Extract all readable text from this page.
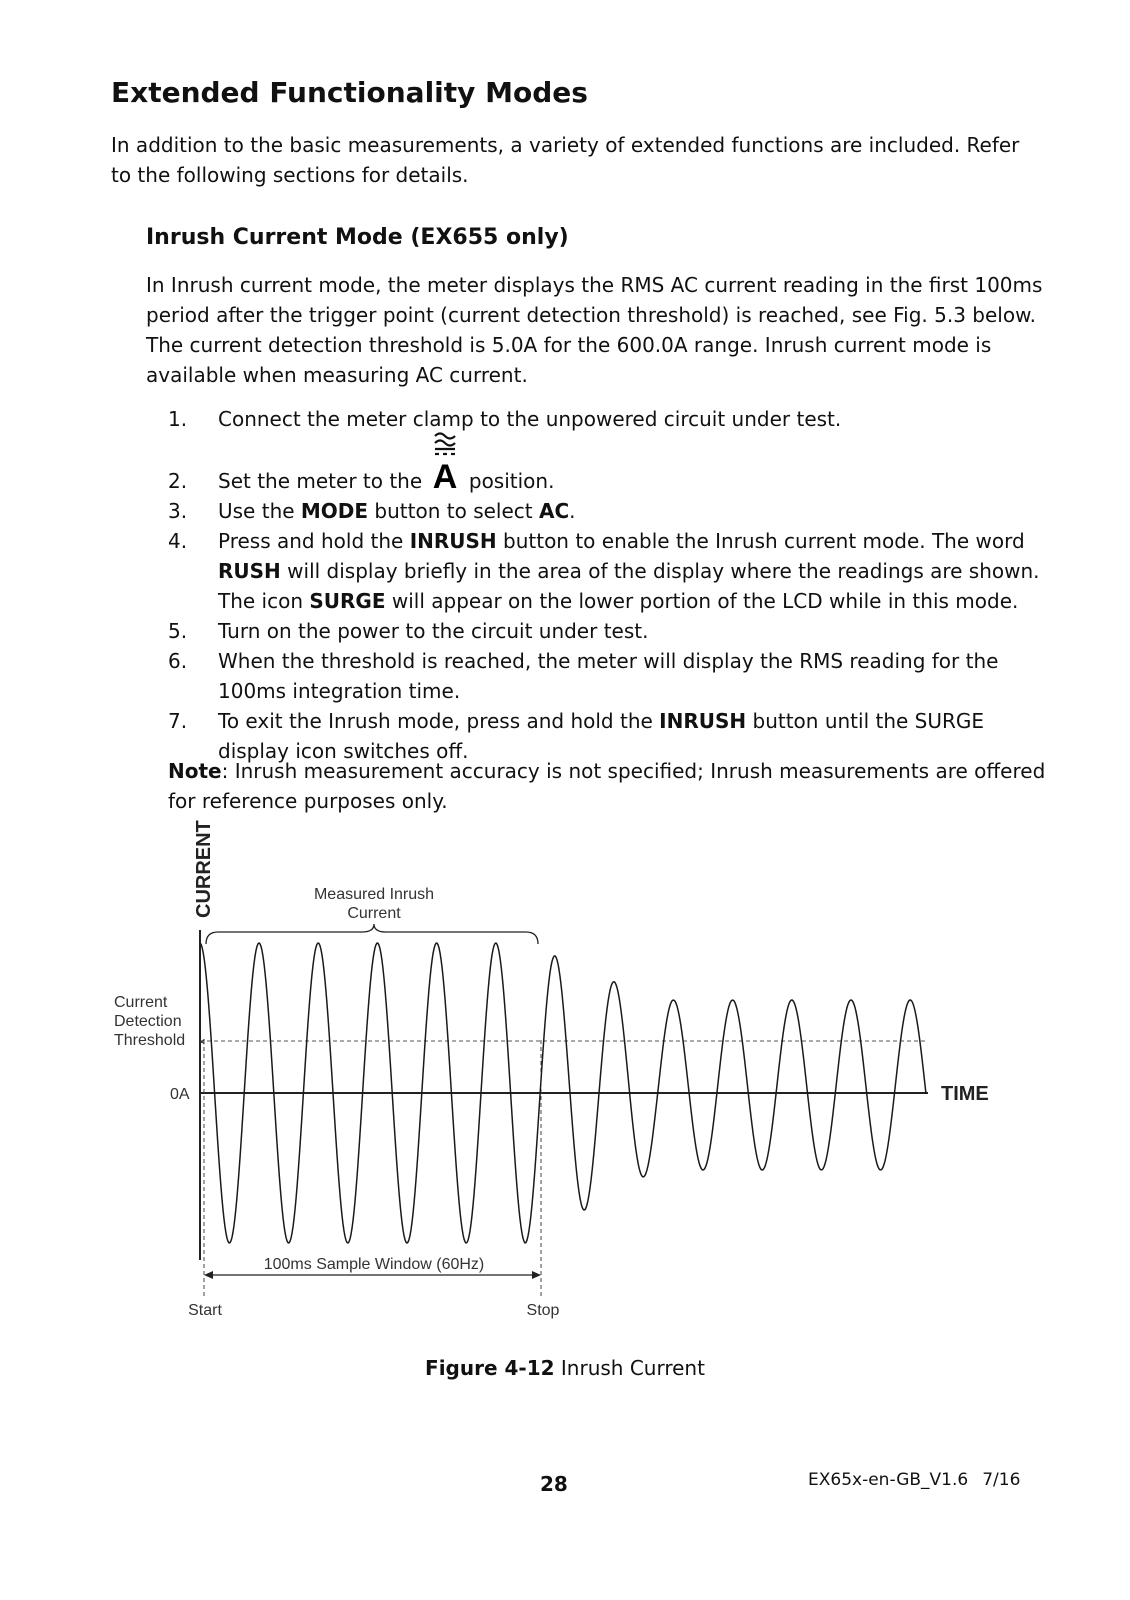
Extended Functionality Modes

In addition to the basic measurements, a variety of extended functions are included. Refer to the following sections for details.

Inrush Current Mode (EX655 only)

In Inrush current mode, the meter displays the RMS AC current reading in the first 100ms period after the trigger point (current detection threshold) is reached, see Fig. 5.3 below. The current detection threshold is 5.0A for the 600.0A range. Inrush current mode is available when measuring AC current.

1. Connect the meter clamp to the unpowered circuit under test.
2. Set the meter to the A position.
3. Use the MODE button to select AC.
4. Press and hold the INRUSH button to enable the Inrush current mode. The word RUSH will display briefly in the area of the display where the readings are shown. The icon SURGE will appear on the lower portion of the LCD while in this mode.
5. Turn on the power to the circuit under test.
6. When the threshold is reached, the meter will display the RMS reading for the 100ms integration time.
7. To exit the Inrush mode, press and hold the INRUSH button until the SURGE display icon switches off.

Note: Inrush measurement accuracy is not specified; Inrush measurements are offered for reference purposes only.

CURRENT	Measured Inrush
Current
Current
Detection
Threshold ×
0A	TIME
100ms Sample Window (60Hz)
Start	Stop

Figure 4-12 Inrush Current

28	EX65x-en-GB_V1.6 7/16
